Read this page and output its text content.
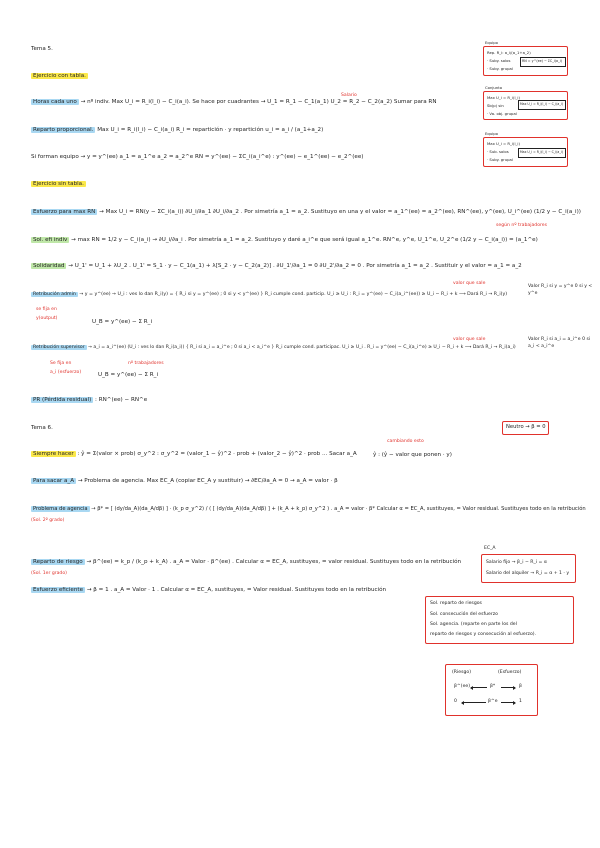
Tema 5.
Ejercicio con tabla.
Horas cada uno → nº indiv. Max U_i = R_i(l_i) − C_i(a_i). Se hace por cuadrantes → U_1 = R_1 − C_1(a_1) U_2 = R_2 − C_2(a_2) Sumar para RN
Salario
Reparto proporcional. Max U_i = R_i(l_i) − C_i(a_i) R_i = repartición · y repartición u_i = a_i / (a_1+a_2)
Si forman equipo → y = y^(ee) a_1 = a_1^e a_2 = a_2^e RN = y^(ee) − ΣC_i(a_i^e) : y^(ee) − e_1^(ee) − e_2^(ee)
Ejercicio sin tabla.
Esfuerzo para max RN → Max U_i = RN(y − ΣC_i(a_i)) ∂U_i/∂a_1 ∂U_i/∂a_2 . Por simetría a_1 = a_2. Sustituyo en una y el valor = a_1^(ee) = a_2^(ee), RN^(ee), y^(ee), U_i^(ee) (1/2 y − C_i(a_i))
según nº trabajadores
Sol. efi indiv → max RN = 1/2 y − C_i(a_i) → ∂U_i/∂a_i . Por simetría a_1 = a_2. Sustituyo y daré a_i^e que será igual a_1^e. RN^e, y^e, U_1^e, U_2^e (1/2 y − C_i(a_i)) = (a_1^e)
Solidaridad → U_1' = U_1 + λU_2 . U_1' = S_1 · y − C_1(a_1) + λ[S_2 · y − C_2(a_2)] . ∂U_1'/∂a_1 = 0 ∂U_2'/∂a_2 = 0 . Por simetría a_1 = a_2 . Sustituir y el valor = a_1 = a_2
valor que sale
Retribución admin → y = y^(ee) → U_i : ves lo dan R_i(y) = { R_i si y = y^(ee) ; 0 si y < y^(ee) } R_i cumple cond. particip. U_i ≥ U_i : R_i = y^(ee) − C_i(a_i^(ee)) ≥ U_i − R_i + k ⟶ Dará R_i → R_i(y)
Valor R_i si y = y^e 0 si y < y^e
se fija en
y(output)
U_B = y^(ee) − Σ R_i
valor que sale
Retribución supervisor → a_i = a_i^(ee) (U_i : ves lo dan R_i(a_i)) { R_i si a_i = a_i^e ; 0 si a_i < a_i^e } R_i cumple cond. participac. U_i ≥ U_i . R_i = y^(ee) − C_i(a_i^e) ≥ U_i − R_i + k ⟶ Dará R_i → R_i(a_i)
Valor R_i si a_i = a_i^e 0 si a_i < a_i^e
Se fija en
a_i (esfuerzo)
nº trabajadores
U_B = y^(ee) − Σ R_i
PR (Pérdida residual) : RN^(ee) − RN^e
Tema 6.	Neutro → β = 0
cambiando esto
Siempre hacer : ŷ = Σ(valor × prob) σ_y^2 : σ_y^2 = (valor_1 − ŷ)^2 · prob + (valor_2 − ŷ)^2 · prob ... Sacar a_A	ŷ : (ŷ − valor que ponen · y)
Para sacar a_A → Problema de agencia. Max EC_A (copiar EC_A y sustituir) → ∂EC/∂a_A = 0 → a_A = valor · β
Problema de agencia → β* = [ (dy/da_A)(da_A/dβ) ] · (k_p σ_y^2) / ( [ (dy/da_A)(da_A/dβ) ] + (k_A + k_p) σ_y^2 ) . a_A = valor · β* Calcular α = EC_A, sustituyes, = Valor residual. Sustituyes todo en la retribución
(Sol. 2º grado)
EC_A
Salario fijo → β_i − R_i = α
Salario del alquiler → R_i = α + 1 · y
Reparto de riesgo → β^(ee) = k_p / (k_p + k_A) . a_A = Valor · β^(ee) . Calcular α = EC_A, sustituyes, = valor residual. Sustituyes todo en la retribución
(Sol. 1er grado)
Esfuerzo eficiente → β = 1 . a_A = Valor · 1 . Calcular α = EC_A, sustituyes, = Valor residual. Sustituyes todo en la retribución
Sol. reparto de riesgos
Sol. consecución del esfuerzo
Sol. agencia. (reparte en parte los del
reparto de riesgos y consecución al esfuerzo).
(Riesgo)	(Esfuerzo)
β^(ee)	β*	β
0	β^e	1
Equipo
Rep. R_i: a_i/(a_1+a_2)
· Suby. solos
· Suby. grupal
RN = y^(ee) − ΣC_i(a_i)
Conjunto
Max U_i = R_i(l_i)
Sb(p) sin
· Va. obj. grupal
Max U_i = R_i(l_i) − C_i(a_i)
Equipo
Max U_i = R_i(l_i)
· Sub. solos
· Suby. grupal
Max U_i = R_i(l_i) − C_i(a_i)
